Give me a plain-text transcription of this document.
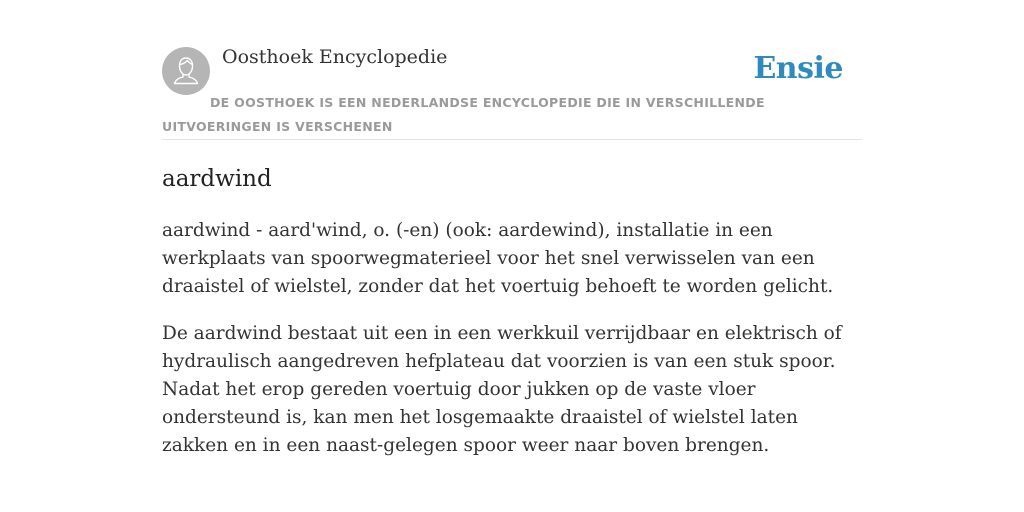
Oosthoek Encyclopedie	Ensie
DE OOSTHOEK IS EEN NEDERLANDSE ENCYCLOPEDIE DIE IN VERSCHILLENDE UITVOERINGEN IS VERSCHENEN
aardwind

aardwind - aard'wind, o. (-en) (ook: aardewind), installatie in een werkplaats van spoorwegmaterieel voor het snel verwisselen van een draaistel of wielstel, zonder dat het voertuig behoeft te worden gelicht.

De aardwind bestaat uit een in een werkkuil verrijdbaar en elektrisch of hydraulisch aangedreven hefplateau dat voorzien is van een stuk spoor. Nadat het erop gereden voertuig door jukken op de vaste vloer ondersteund is, kan men het losgemaakte draaistel of wielstel laten zakken en in een naast-gelegen spoor weer naar boven brengen.
